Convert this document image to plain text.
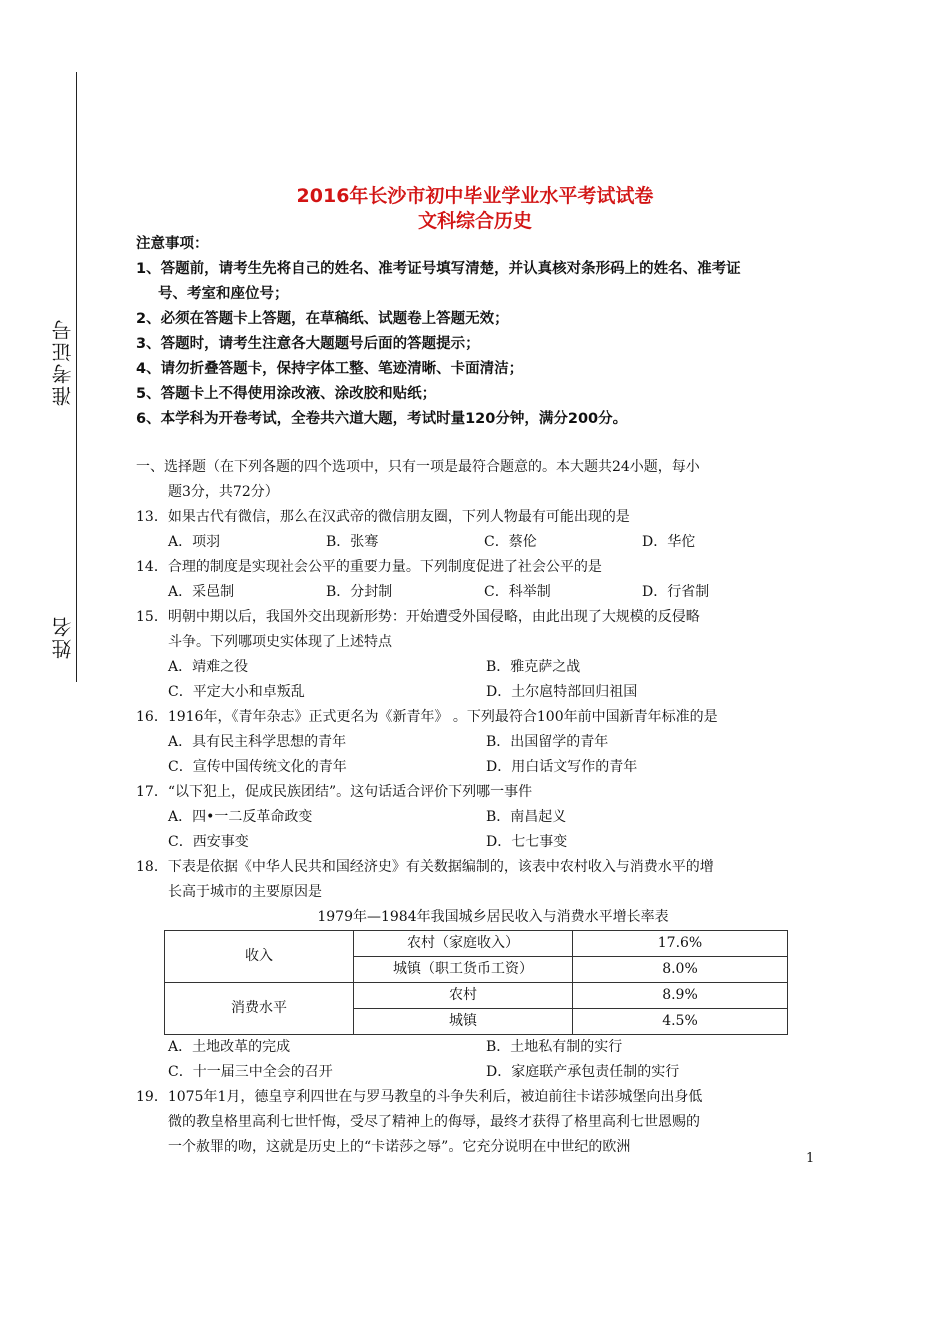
准考证号
姓名
2016年长沙市初中毕业学业水平考试试卷
文科综合历史
注意事项：
1、答题前，请考生先将自己的姓名、准考证号填写清楚，并认真核对条形码上的姓名、准考证
号、考室和座位号；
2、必须在答题卡上答题，在草稿纸、试题卷上答题无效；
3、答题时，请考生注意各大题题号后面的答题提示；
4、请勿折叠答题卡，保持字体工整、笔迹清晰、卡面清洁；
5、答题卡上不得使用涂改液、涂改胶和贴纸；
6、本学科为开卷考试，全卷共六道大题，考试时量120分钟，满分200分。
一、选择题（在下列各题的四个选项中，只有一项是最符合题意的。本大题共24小题，每小
题3分，共72分）
13．如果古代有微信，那么在汉武帝的微信朋友圈，下列人物最有可能出现的是
A．项羽	B．张骞	C．蔡伦	D．华佗
14．合理的制度是实现社会公平的重要力量。下列制度促进了社会公平的是
A．采邑制	B．分封制	C．科举制	D．行省制
15．明朝中期以后，我国外交出现新形势：开始遭受外国侵略，由此出现了大规模的反侵略
斗争。下列哪项史实体现了上述特点
A．靖难之役	B．雅克萨之战
C．平定大小和卓叛乱	D．土尔扈特部回归祖国
16．1916年，《青年杂志》正式更名为《新青年》 。下列最符合100年前中国新青年标准的是
A．具有民主科学思想的青年	B．出国留学的青年
C．宣传中国传统文化的青年	D．用白话文写作的青年
17．“以下犯上，促成民族团结”。这句话适合评价下列哪一事件
A．四•一二反革命政变	B．南昌起义
C．西安事变	D．七七事变
18．下表是依据《中华人民共和国经济史》有关数据编制的，该表中农村收入与消费水平的增
长高于城市的主要原因是
1979年—1984年我国城乡居民收入与消费水平增长率表
收入	农村（家庭收入）	17.6%
	城镇（职工货币工资）	8.0%
消费水平	农村	8.9%
	城镇	4.5%
A．土地改革的完成	B．土地私有制的实行
C．十一届三中全会的召开	D．家庭联产承包责任制的实行
19．1075年1月，德皇亨利四世在与罗马教皇的斗争失利后，被迫前往卡诺莎城堡向出身低
微的教皇格里高利七世忏悔，受尽了精神上的侮辱，最终才获得了格里高利七世恩赐的
一个赦罪的吻，这就是历史上的“卡诺莎之辱”。它充分说明在中世纪的欧洲
1
